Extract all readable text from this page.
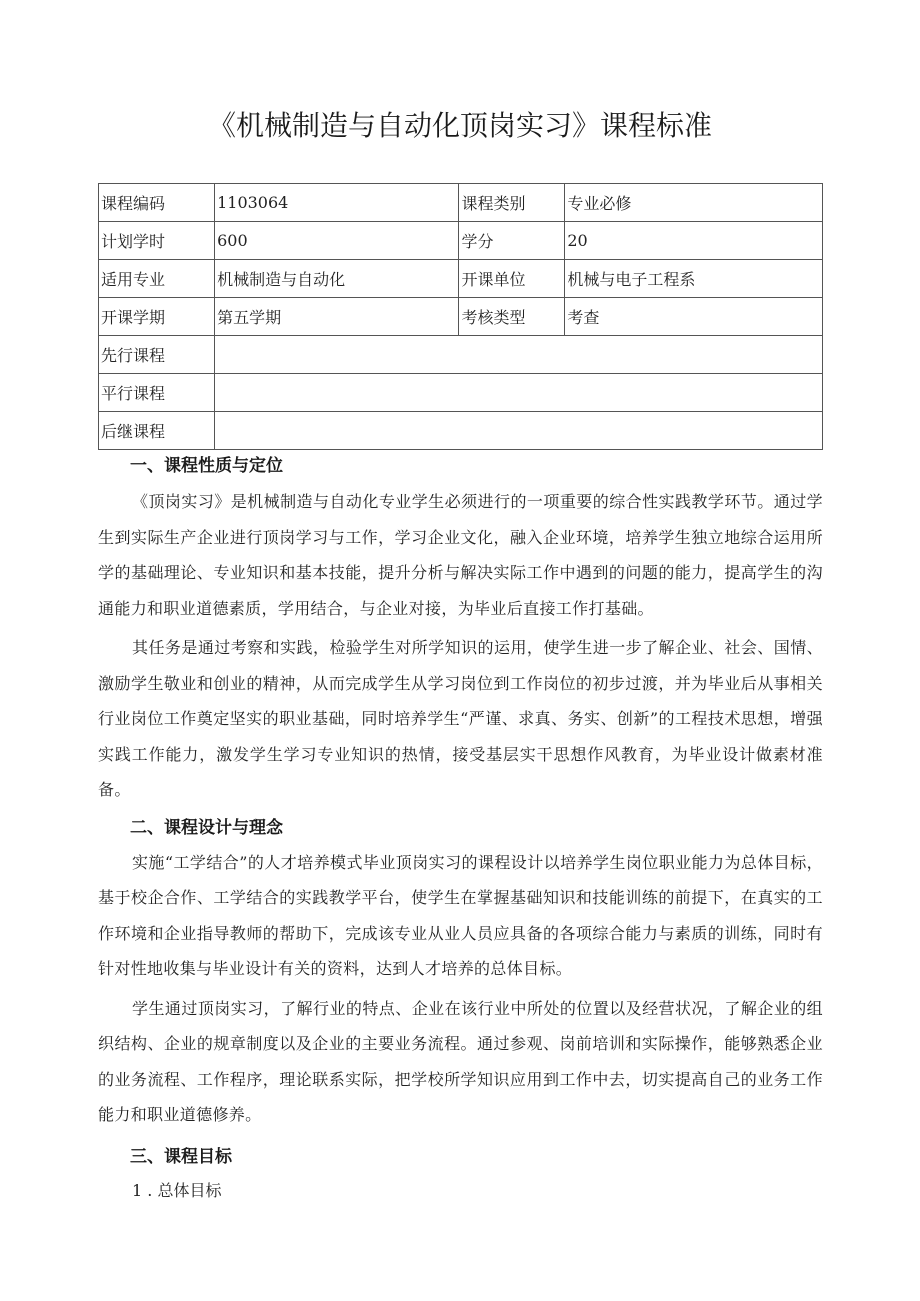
《机械制造与自动化顶岗实习》课程标准
课程编码	1103064	课程类别	专业必修
计划学时	600	学分	20
适用专业	机械制造与自动化	开课单位	机械与电子工程系
开课学期	第五学期	考核类型	考查
先行课程			
平行课程			
后继课程			
一、课程性质与定位

《顶岗实习》是机械制造与自动化专业学生必须进行的一项重要的综合性实践教学环节。通过学生到实际生产企业进行顶岗学习与工作，学习企业文化，融入企业环境，培养学生独立地综合运用所学的基础理论、专业知识和基本技能，提升分析与解决实际工作中遇到的问题的能力，提高学生的沟通能力和职业道德素质，学用结合，与企业对接，为毕业后直接工作打基础。

其任务是通过考察和实践，检验学生对所学知识的运用，使学生进一步了解企业、社会、国情、激励学生敬业和创业的精神，从而完成学生从学习岗位到工作岗位的初步过渡，并为毕业后从事相关行业岗位工作奠定坚实的职业基础，同时培养学生“严谨、求真、务实、创新”的工程技术思想，增强实践工作能力，激发学生学习专业知识的热情，接受基层实干思想作风教育，为毕业设计做素材准备。

二、课程设计与理念

实施“工学结合”的人才培养模式毕业顶岗实习的课程设计以培养学生岗位职业能力为总体目标，基于校企合作、工学结合的实践教学平台，使学生在掌握基础知识和技能训练的前提下，在真实的工作环境和企业指导教师的帮助下，完成该专业从业人员应具备的各项综合能力与素质的训练，同时有针对性地收集与毕业设计有关的资料，达到人才培养的总体目标。

学生通过顶岗实习，了解行业的特点、企业在该行业中所处的位置以及经营状况，了解企业的组织结构、企业的规章制度以及企业的主要业务流程。通过参观、岗前培训和实际操作，能够熟悉企业的业务流程、工作程序，理论联系实际，把学校所学知识应用到工作中去，切实提高自己的业务工作能力和职业道德修养。

三、课程目标
1 . 总体目标
